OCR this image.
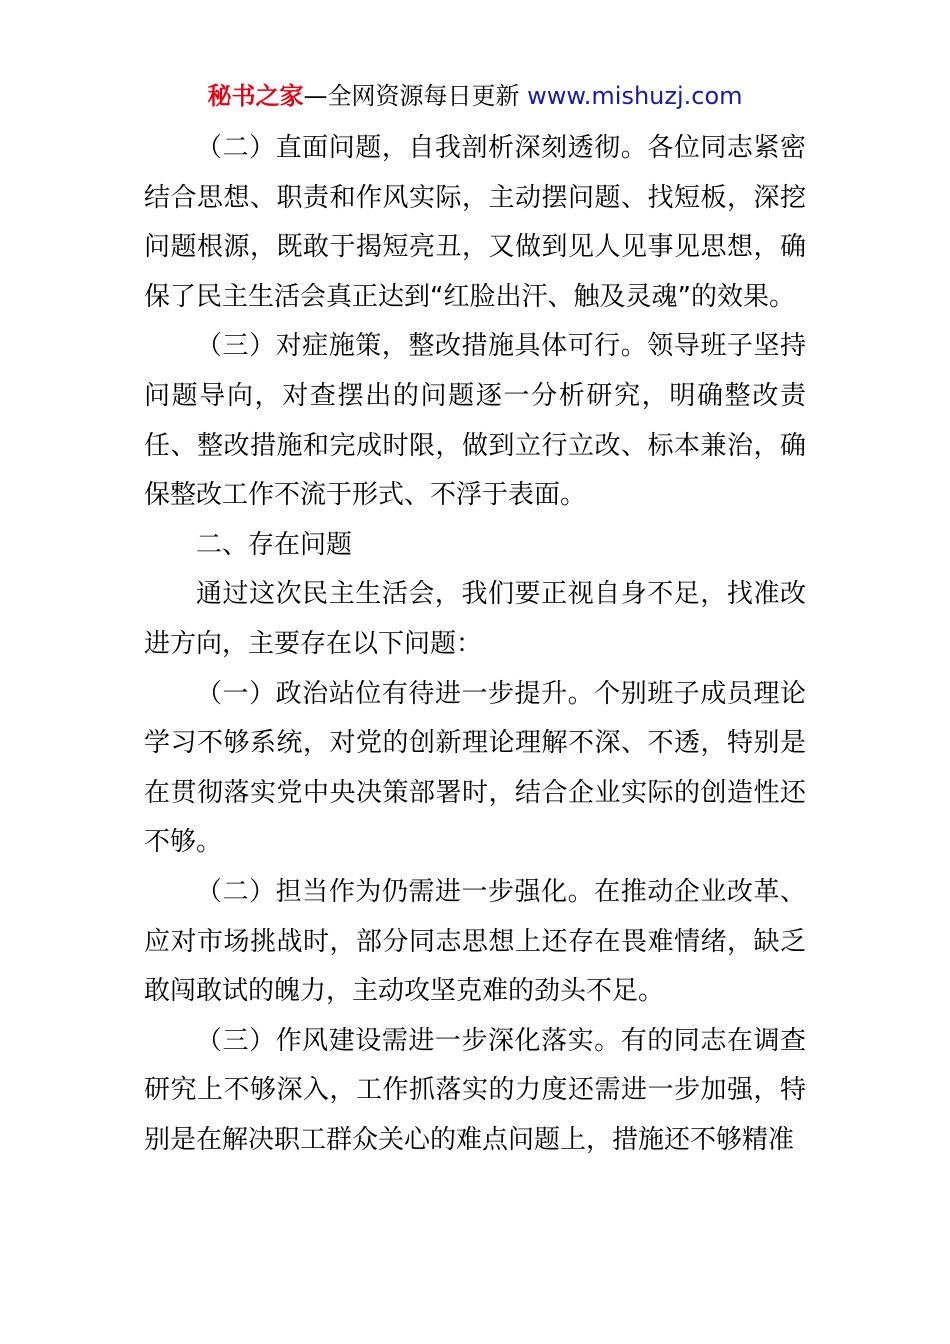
秘书之家—全网资源每日更新 www.mishuzj.com

（二）直面问题，自我剖析深刻透彻。各位同志紧密结合思想、职责和作风实际，主动摆问题、找短板，深挖问题根源，既敢于揭短亮丑，又做到见人见事见思想，确保了民主生活会真正达到“红脸出汗、触及灵魂”的效果。

（三）对症施策，整改措施具体可行。领导班子坚持问题导向，对查摆出的问题逐一分析研究，明确整改责任、整改措施和完成时限，做到立行立改、标本兼治，确保整改工作不流于形式、不浮于表面。

二、存在问题

通过这次民主生活会，我们要正视自身不足，找准改进方向，主要存在以下问题：

（一）政治站位有待进一步提升。个别班子成员理论学习不够系统，对党的创新理论理解不深、不透，特别是在贯彻落实党中央决策部署时，结合企业实际的创造性还不够。

（二）担当作为仍需进一步强化。在推动企业改革、应对市场挑战时，部分同志思想上还存在畏难情绪，缺乏敢闯敢试的魄力，主动攻坚克难的劲头不足。

（三）作风建设需进一步深化落实。有的同志在调查研究上不够深入，工作抓落实的力度还需进一步加强，特别是在解决职工群众关心的难点问题上，措施还不够精准
